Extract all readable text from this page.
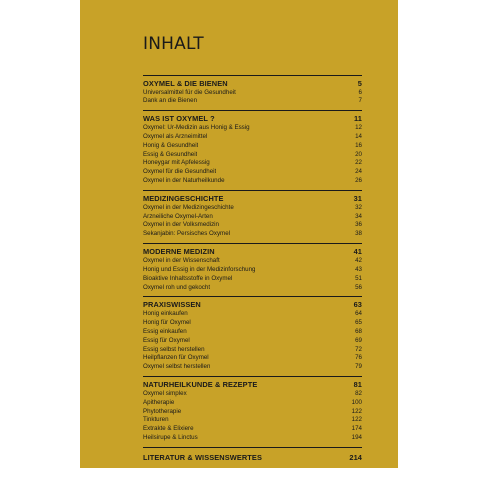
INHALT
OXYMEL & DIE BIENEN	5
Universalmittel für die Gesundheit	6
Dank an die Bienen	7
WAS IST OXYMEL ?	11
Oxymel: Ur-Medizin aus Honig & Essig	12
Oxymel als Arzneimittel	14
Honig & Gesundheit	16
Essig & Gesundheit	20
Honeygar mit Apfelessig	22
Oxymel für die Gesundheit	24
Oxymel in der Naturheilkunde	26
MEDIZINGESCHICHTE	31
Oxymel in der Medizingeschichte	32
Arzneiliche Oxymel-Arten	34
Oxymel in der Volksmedizin	36
Sekanjabin: Persisches Oxymel	38
MODERNE MEDIZIN	41
Oxymel in der Wissenschaft	42
Honig und Essig in der Medizinforschung	43
Bioaktive Inhaltsstoffe in Oxymel	51
Oxymel roh und gekocht	56
PRAXISWISSEN	63
Honig einkaufen	64
Honig für Oxymel	65
Essig einkaufen	68
Essig für Oxymel	69
Essig selbst herstellen	72
Heilpflanzen für Oxymel	76
Oxymel selbst herstellen	79
NATURHEILKUNDE & REZEPTE	81
Oxymel simplex	82
Apitherapie	100
Phytotherapie	122
Tinkturen	122
Extrakte & Elixiere	174
Heilsirupe & Linctus	194
LITERATUR & WISSENSWERTES	214
